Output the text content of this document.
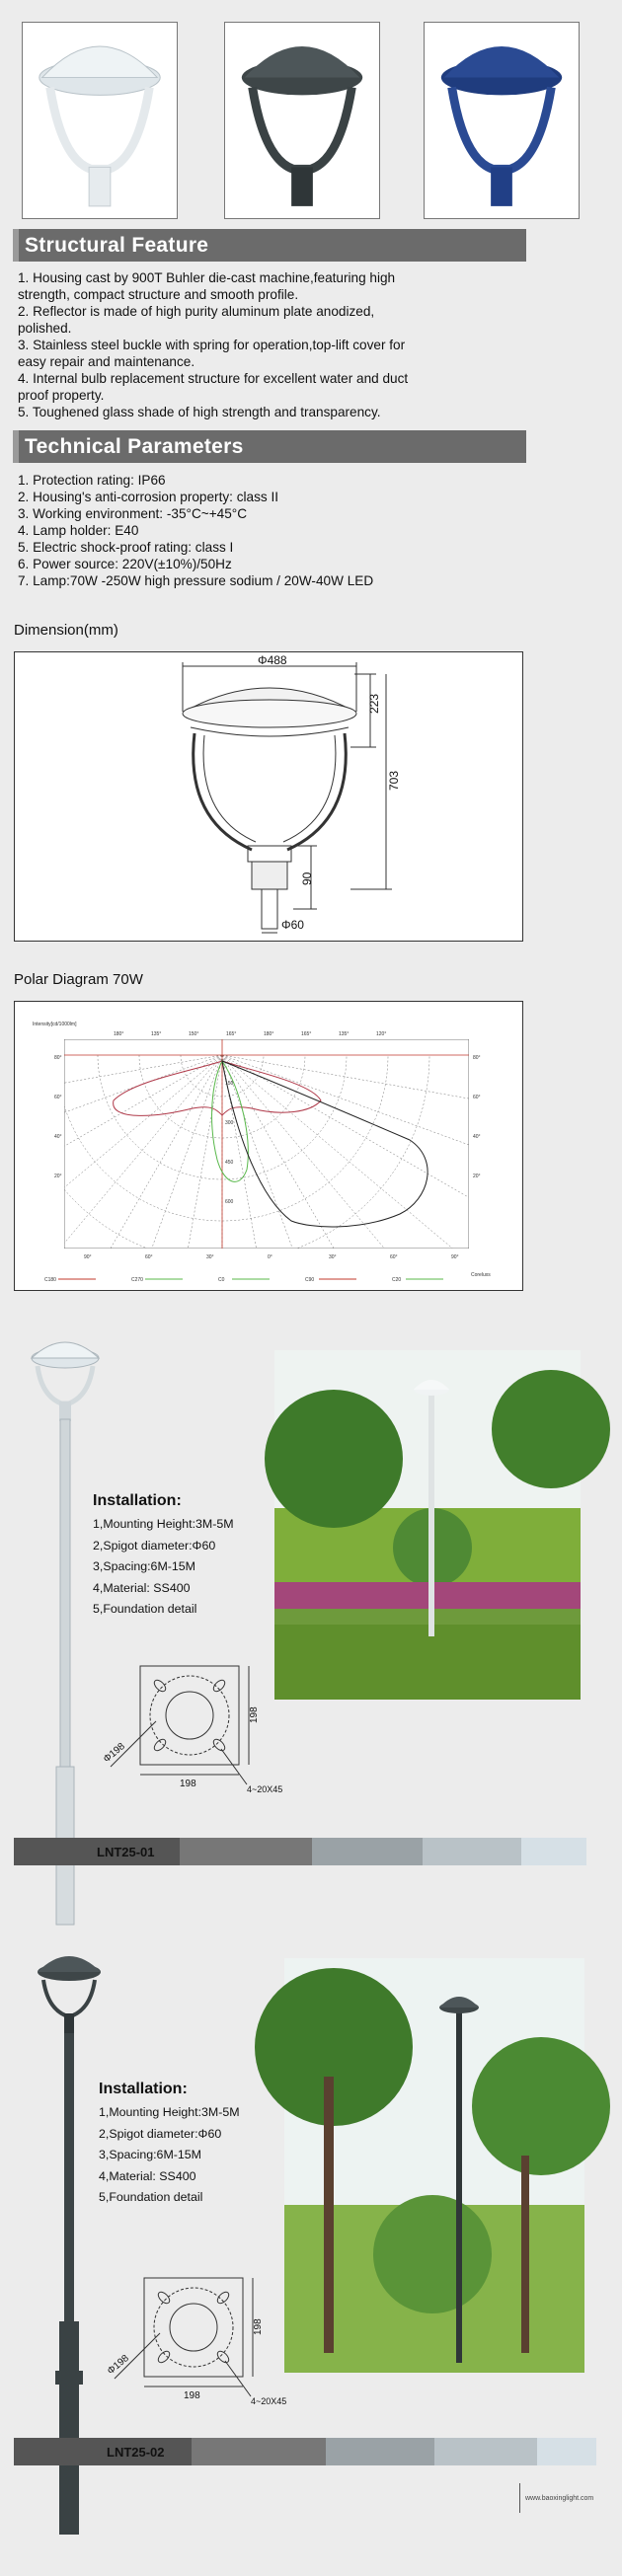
Structural Feature
1. Housing cast by 900T Buhler die-cast machine,featuring high
strength, compact structure and smooth profile.
2. Reflector is made of high purity aluminum plate anodized,
polished.
3. Stainless steel buckle with spring for operation,top-lift cover for
easy repair and maintenance.
4. Internal bulb replacement structure for excellent water and duct
proof property.
5. Toughened glass shade of high strength and transparency.
Technical Parameters
1. Protection rating: IP66
2. Housing's anti-corrosion property: class II
3. Working environment: -35°C~+45°C
4. Lamp holder: E40
5. Electric shock-proof rating: class I
6. Power source: 220V(±10%)/50Hz
7. Lamp:70W -250W high pressure sodium / 20W-40W LED
Dimension(mm)
Φ488
223
703
90
Φ60
Polar Diagram 70W
Intensity[cd/1000lm]
180°	135°	150°	165°	180°	165°	135°	120°
90°	60°	30°	0°	30°	60°	90°
80°	80°
60°	60°
40°	40°
20°	20°
150
300
450
600
C180	C270	C0	C90	C20
Coreluxs
Installation:
1,Mounting Height:3M-5M
2,Spigot diameter:Φ60
3,Spacing:6M-15M
4,Material: SS400
5,Foundation detail
198
198
Φ198
4~20X45
LNT25-01
Installation:
1,Mounting Height:3M-5M
2,Spigot diameter:Φ60
3,Spacing:6M-15M
4,Material: SS400
5,Foundation detail
198
198
Φ198
4~20X45
LNT25-02
www.baoxinglight.com
